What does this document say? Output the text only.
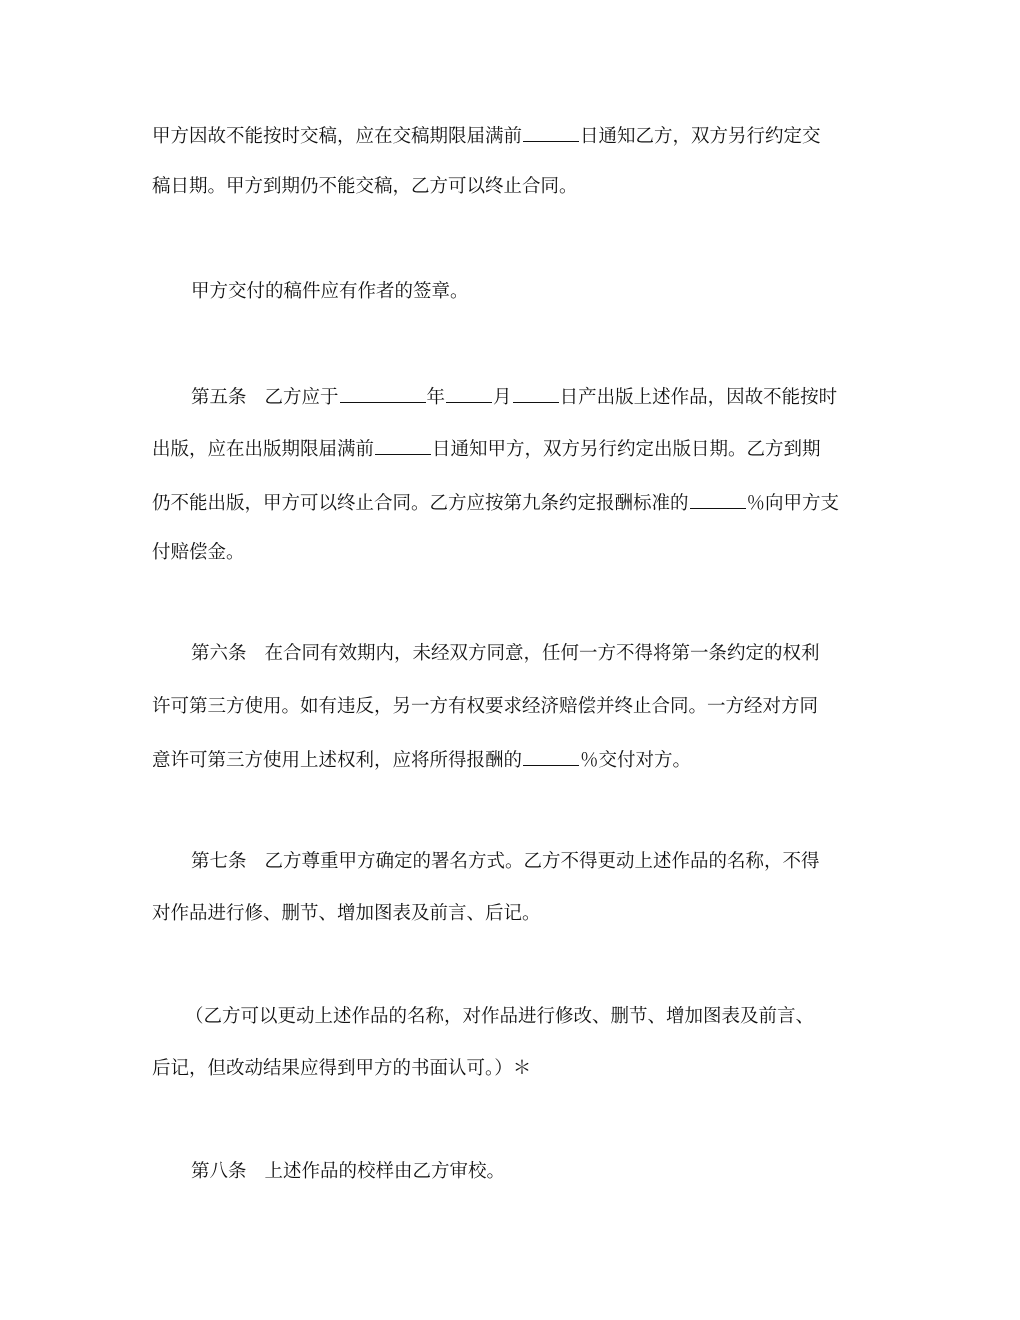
甲方因故不能按时交稿，应在交稿期限届满前	日通知乙方，双方另行约定交
稿日期。甲方到期仍不能交稿，乙方可以终止合同。
甲方交付的稿件应有作者的签章。
第五条 乙方应于	年	月	日产出版上述作品，因故不能按时
出版，应在出版期限届满前	日通知甲方，双方另行约定出版日期。乙方到期
仍不能出版，甲方可以终止合同。乙方应按第九条约定报酬标准的	％向甲方支
付赔偿金。
第六条 在合同有效期内，未经双方同意，任何一方不得将第一条约定的权利
许可第三方使用。如有违反，另一方有权要求经济赔偿并终止合同。一方经对方同
意许可第三方使用上述权利，应将所得报酬的	％交付对方。
第七条 乙方尊重甲方确定的署名方式。乙方不得更动上述作品的名称，不得
对作品进行修、删节、增加图表及前言、后记。
（乙方可以更动上述作品的名称，对作品进行修改、删节、增加图表及前言、
后记，但改动结果应得到甲方的书面认可。）＊
第八条 上述作品的校样由乙方审校。
